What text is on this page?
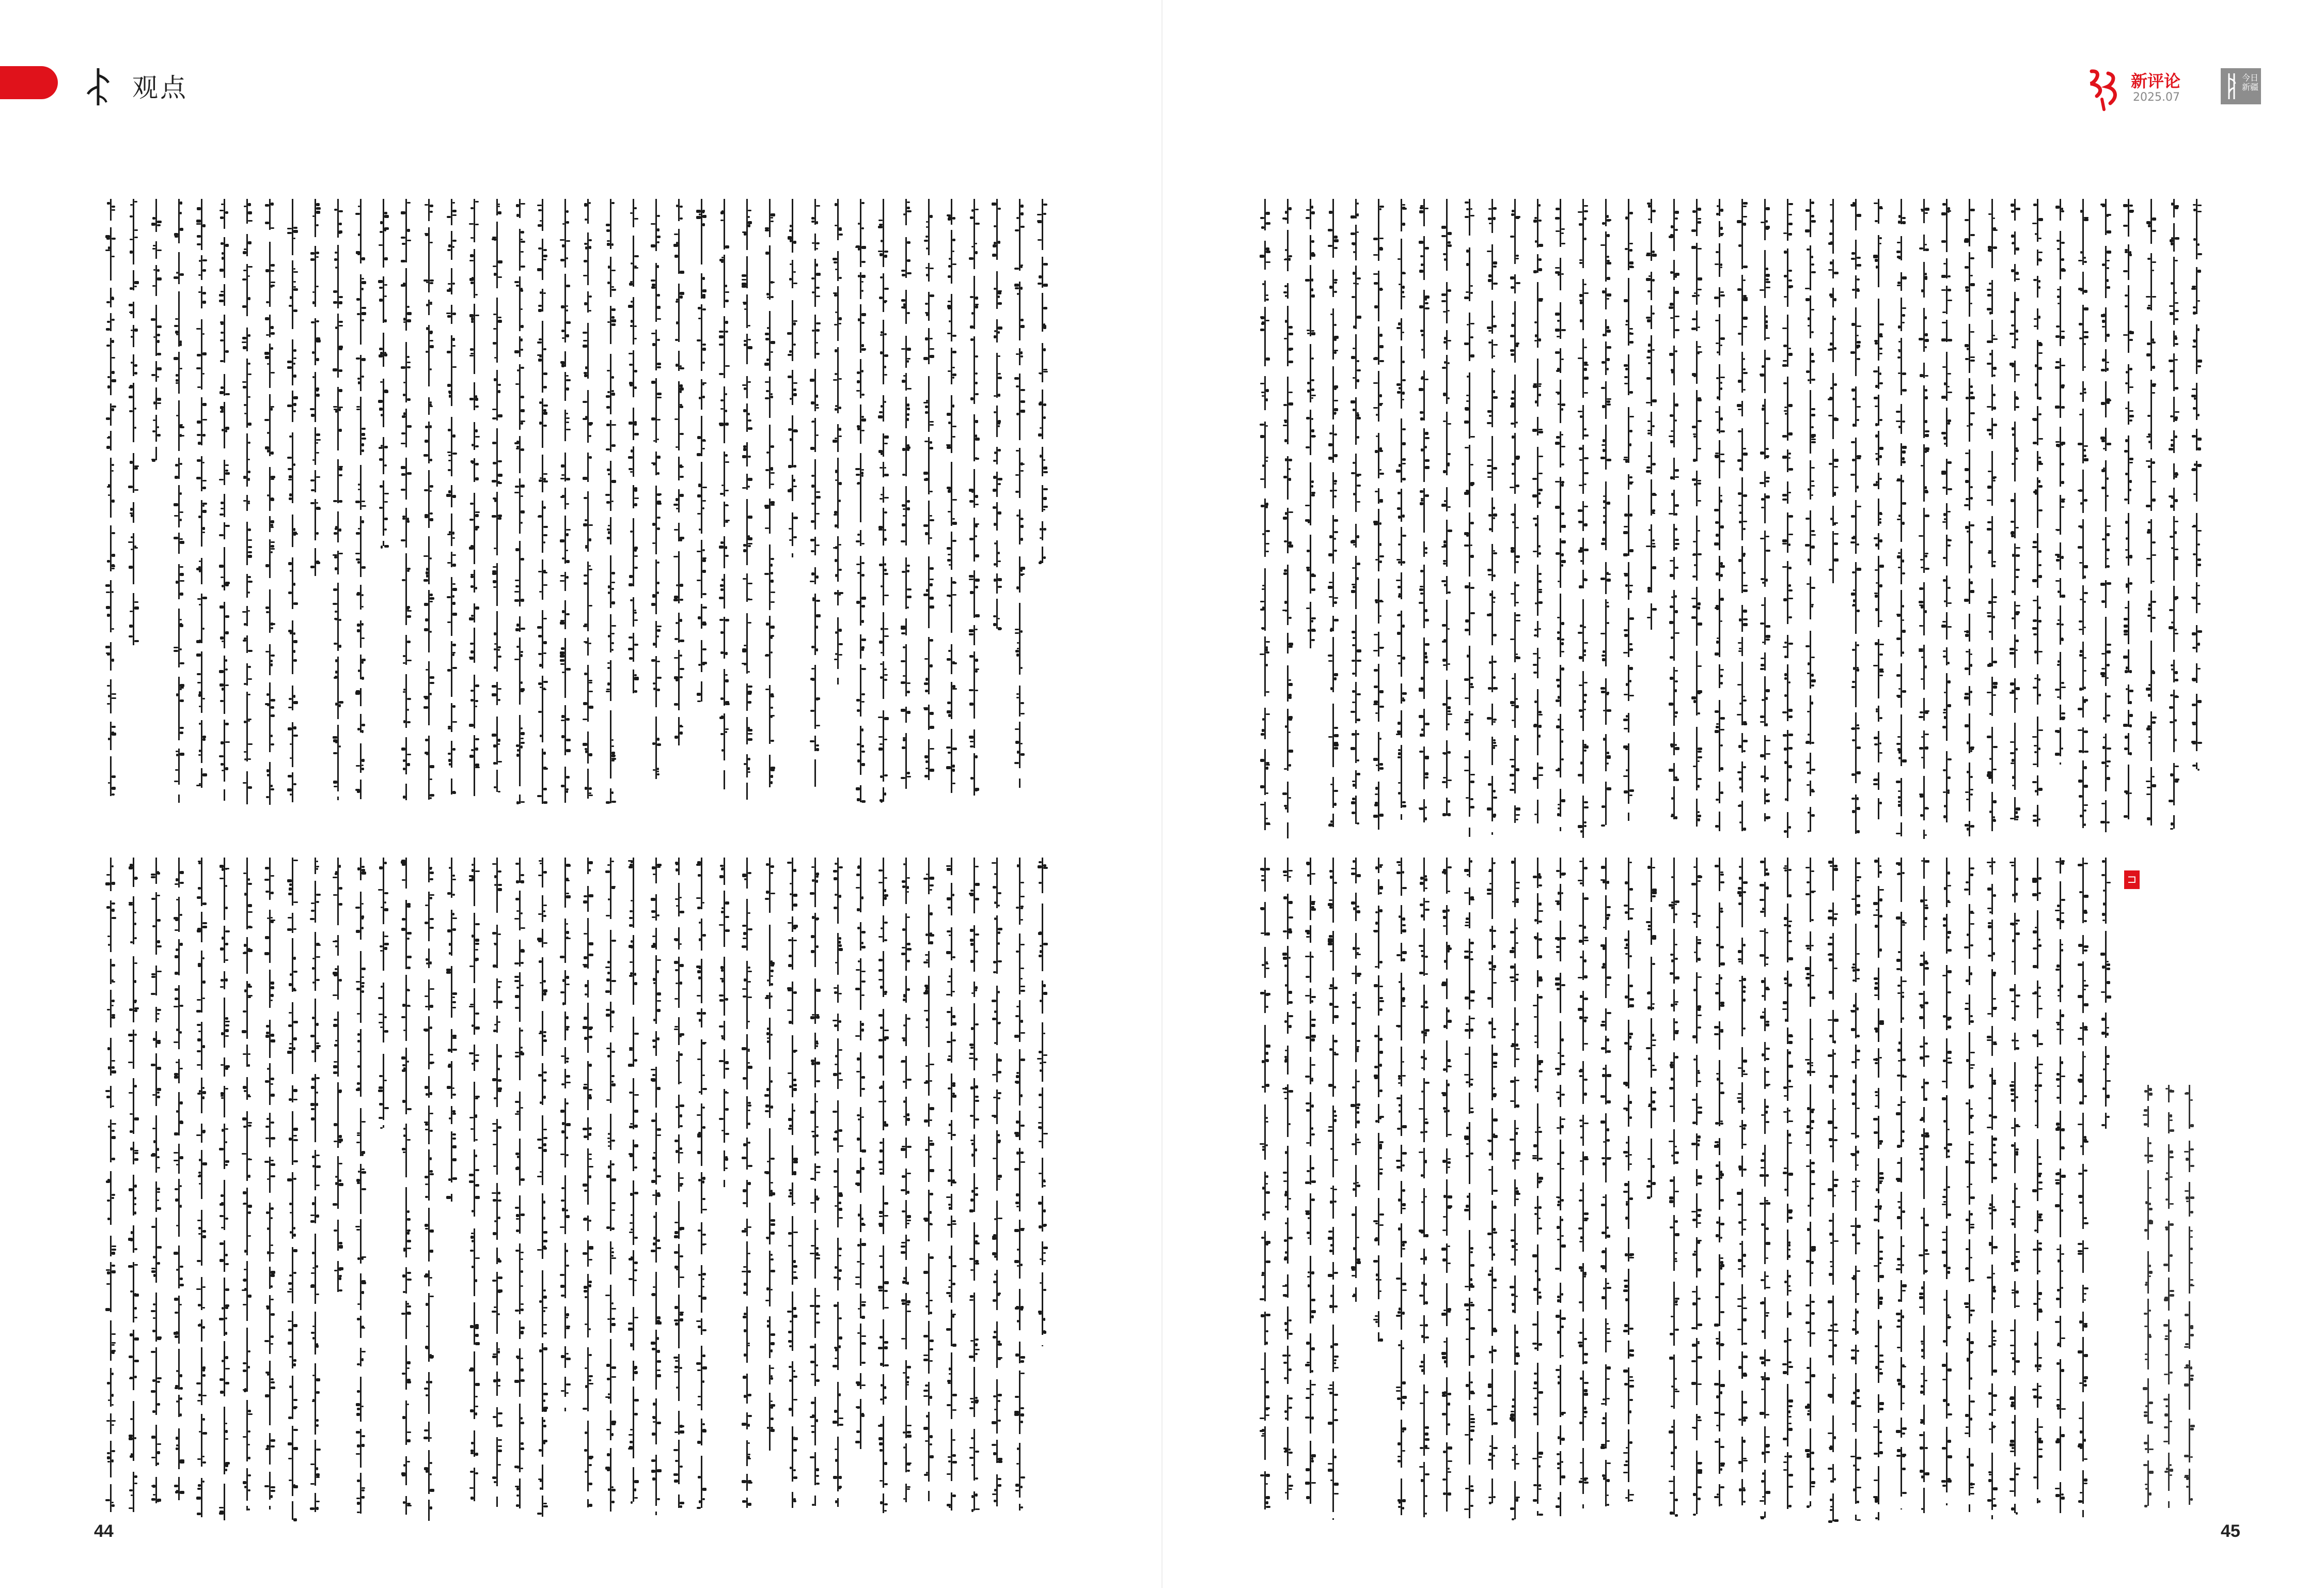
观点	新评论
2025.07
今日新疆
⊐
44	45
